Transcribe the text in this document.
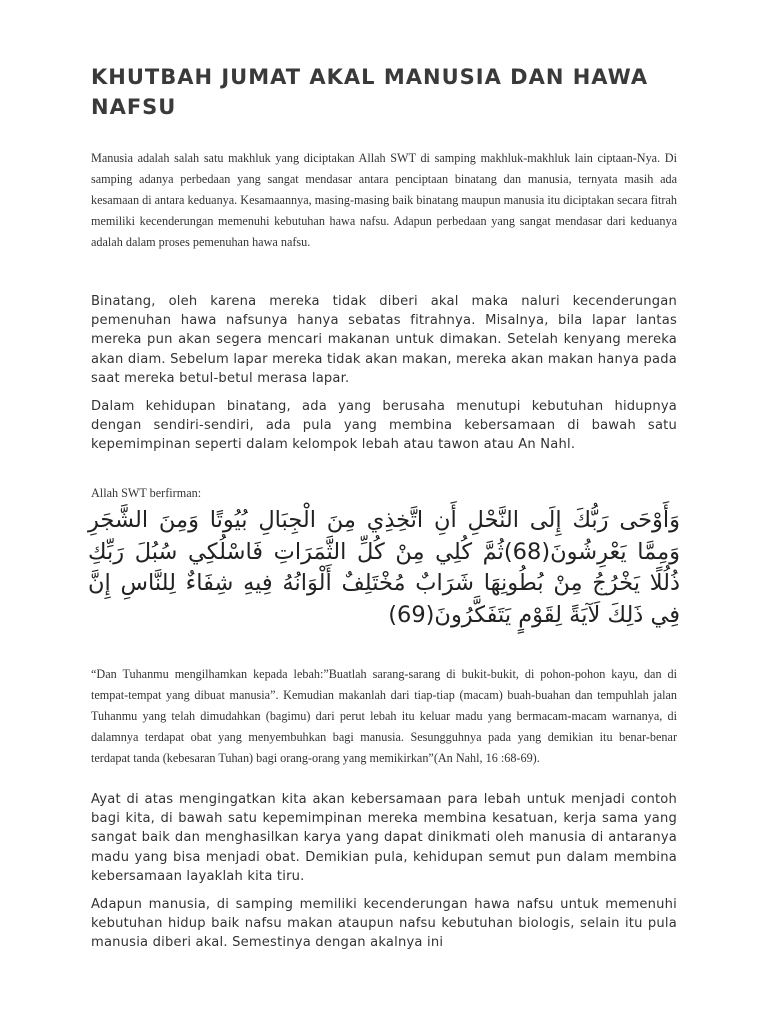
KHUTBAH JUMAT AKAL MANUSIA DAN HAWA NAFSU

Manusia adalah salah satu makhluk yang diciptakan Allah SWT di samping makhluk-makhluk lain ciptaan-Nya. Di samping adanya perbedaan yang sangat mendasar antara penciptaan binatang dan manusia, ternyata masih ada kesamaan di antara keduanya. Kesamaannya, masing-masing baik binatang maupun manusia itu diciptakan secara fitrah memiliki kecenderungan memenuhi kebutuhan hawa nafsu. Adapun perbedaan yang sangat mendasar dari keduanya adalah dalam proses pemenuhan hawa nafsu.

Binatang, oleh karena mereka tidak diberi akal maka naluri kecenderungan pemenuhan hawa nafsunya hanya sebatas fitrahnya. Misalnya, bila lapar lantas mereka pun akan segera mencari makanan untuk dimakan. Setelah kenyang mereka akan diam. Sebelum lapar mereka tidak akan makan, mereka akan makan hanya pada saat mereka betul-betul merasa lapar.

Dalam kehidupan binatang, ada yang berusaha menutupi kebutuhan hidupnya dengan sendiri-sendiri, ada pula yang membina kebersamaan di bawah satu kepemimpinan seperti dalam kelompok lebah atau tawon atau An Nahl.

Allah SWT berfirman:

وَأَوْحَى رَبُّكَ إِلَى النَّحْلِ أَنِ اتَّخِذِي مِنَ الْجِبَالِ بُيُوتًا وَمِنَ الشَّجَرِ وَمِمَّا يَعْرِشُونَ(68)ثُمَّ كُلِي مِنْ كُلِّ الثَّمَرَاتِ فَاسْلُكِي سُبُلَ رَبِّكِ ذُلُلًا يَخْرُجُ مِنْ بُطُونِهَا شَرَابٌ مُخْتَلِفٌ أَلْوَانُهُ فِيهِ شِفَاءٌ لِلنَّاسِ إِنَّ فِي ذَلِكَ لَآيَةً لِقَوْمٍ يَتَفَكَّرُونَ(69)

“Dan Tuhanmu mengilhamkan kepada lebah:”Buatlah sarang-sarang di bukit-bukit, di pohon-pohon kayu, dan di tempat-tempat yang dibuat manusia”. Kemudian makanlah dari tiap-tiap (macam) buah-buahan dan tempuhlah jalan Tuhanmu yang telah dimudahkan (bagimu) dari perut lebah itu keluar madu yang bermacam-macam warnanya, di dalamnya terdapat obat yang menyembuhkan bagi manusia. Sesungguhnya pada yang demikian itu benar-benar terdapat tanda (kebesaran Tuhan) bagi orang-orang yang memikirkan”(An Nahl, 16 :68-69).

Ayat di atas mengingatkan kita akan kebersamaan para lebah untuk menjadi contoh bagi kita, di bawah satu kepemimpinan mereka membina kesatuan, kerja sama yang sangat baik dan menghasilkan karya yang dapat dinikmati oleh manusia di antaranya madu yang bisa menjadi obat. Demikian pula, kehidupan semut pun dalam membina kebersamaan layaklah kita tiru.

Adapun manusia, di samping memiliki kecenderungan hawa nafsu untuk memenuhi kebutuhan hidup baik nafsu makan ataupun nafsu kebutuhan biologis, selain itu pula manusia diberi akal. Semestinya dengan akalnya ini
